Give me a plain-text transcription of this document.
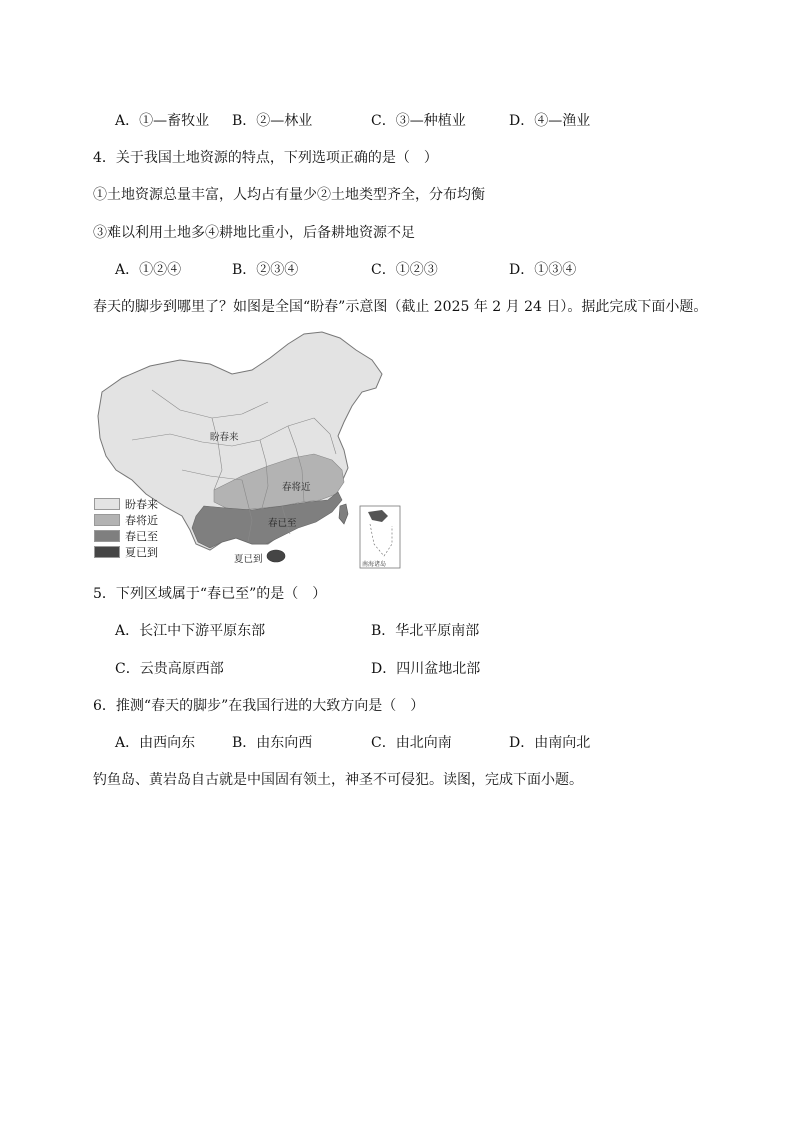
A．①—畜牧业 B．②—林业	C．③—种植业	D．④—渔业
4．关于我国土地资源的特点，下列选项正确的是（　）
①土地资源总量丰富，人均占有量少②土地类型齐全，分布均衡
③难以利用土地多④耕地比重小，后备耕地资源不足
A．①②④	B．②③④	C．①②③	D．①③④
春天的脚步到哪里了？如图是全国“盼春”示意图（截止 2025 年 2 月 24 日）。据此完成下面小题。
盼春来
春将近
春已至
夏已到	南海诸岛
盼春来
春将近
春已至
夏已到
5．下列区域属于“春已至”的是（　）
A．长江中下游平原东部	B．华北平原南部
C．云贵高原西部	D．四川盆地北部
6．推测“春天的脚步”在我国行进的大致方向是（　）
A．由西向东	B．由东向西	C．由北向南	D．由南向北
钓鱼岛、黄岩岛自古就是中国固有领土，神圣不可侵犯。读图，完成下面小题。
